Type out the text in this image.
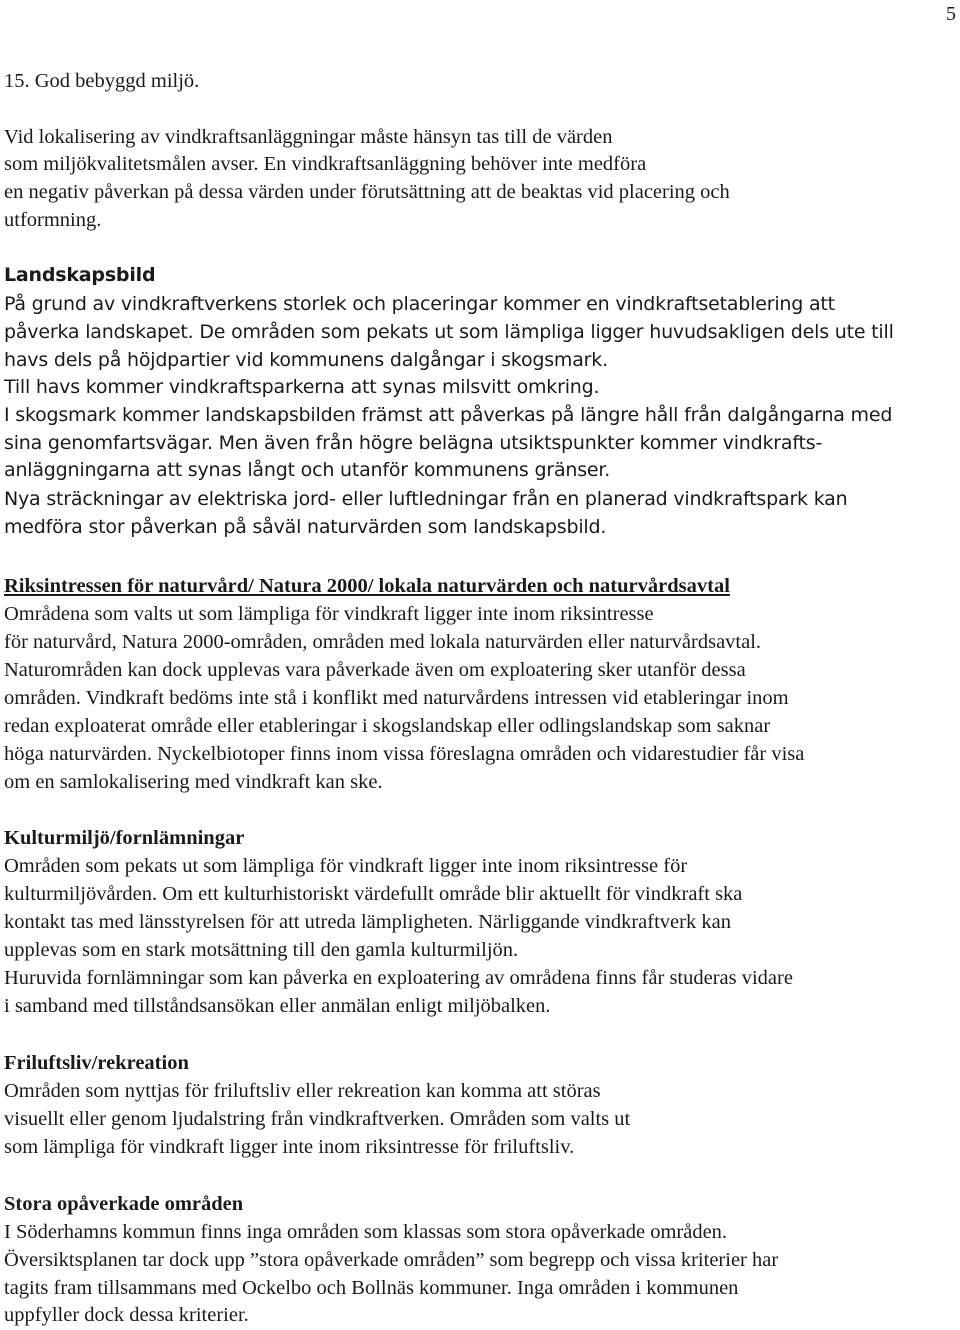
5
15. God bebyggd miljö.
Vid lokalisering av vindkraftsanläggningar måste hänsyn tas till de värden
som miljökvalitetsmålen avser. En vindkraftsanläggning behöver inte medföra
en negativ påverkan på dessa värden under förutsättning att de beaktas vid placering och
utformning.
Landskapsbild
På grund av vindkraftverkens storlek och placeringar kommer en vindkraftsetablering att
påverka landskapet. De områden som pekats ut som lämpliga ligger huvudsakligen dels ute till
havs dels på höjdpartier vid kommunens dalgångar i skogsmark.
Till havs kommer vindkraftsparkerna att synas milsvitt omkring.
I skogsmark kommer landskapsbilden främst att påverkas på längre håll från dalgångarna med
sina genomfartsvägar. Men även från högre belägna utsiktspunkter kommer vindkrafts-
anläggningarna att synas långt och utanför kommunens gränser.
Nya sträckningar av elektriska jord- eller luftledningar från en planerad vindkraftspark kan
medföra stor påverkan på såväl naturvärden som landskapsbild.
Riksintressen för naturvård/ Natura 2000/ lokala naturvärden och naturvårdsavtal
Områdena som valts ut som lämpliga för vindkraft ligger inte inom riksintresse
för naturvård, Natura 2000-områden, områden med lokala naturvärden eller naturvårdsavtal.
Naturområden kan dock upplevas vara påverkade även om exploatering sker utanför dessa
områden. Vindkraft bedöms inte stå i konflikt med naturvårdens intressen vid etableringar inom
redan exploaterat område eller etableringar i skogslandskap eller odlingslandskap som saknar
höga naturvärden. Nyckelbiotoper finns inom vissa föreslagna områden och vidarestudier får visa
om en samlokalisering med vindkraft kan ske.
Kulturmiljö/fornlämningar
Områden som pekats ut som lämpliga för vindkraft ligger inte inom riksintresse för
kulturmiljövården. Om ett kulturhistoriskt värdefullt område blir aktuellt för vindkraft ska
kontakt tas med länsstyrelsen för att utreda lämpligheten. Närliggande vindkraftverk kan
upplevas som en stark motsättning till den gamla kulturmiljön.
Huruvida fornlämningar som kan påverka en exploatering av områdena finns får studeras vidare
i samband med tillståndsansökan eller anmälan enligt miljöbalken.
Friluftsliv/rekreation
Områden som nyttjas för friluftsliv eller rekreation kan komma att störas
visuellt eller genom ljudalstring från vindkraftverken. Områden som valts ut
som lämpliga för vindkraft ligger inte inom riksintresse för friluftsliv.
Stora opåverkade områden
I Söderhamns kommun finns inga områden som klassas som stora opåverkade områden.
Översiktsplanen tar dock upp ”stora opåverkade områden” som begrepp och vissa kriterier har
tagits fram tillsammans med Ockelbo och Bollnäs kommuner. Inga områden i kommunen
uppfyller dock dessa kriterier.
